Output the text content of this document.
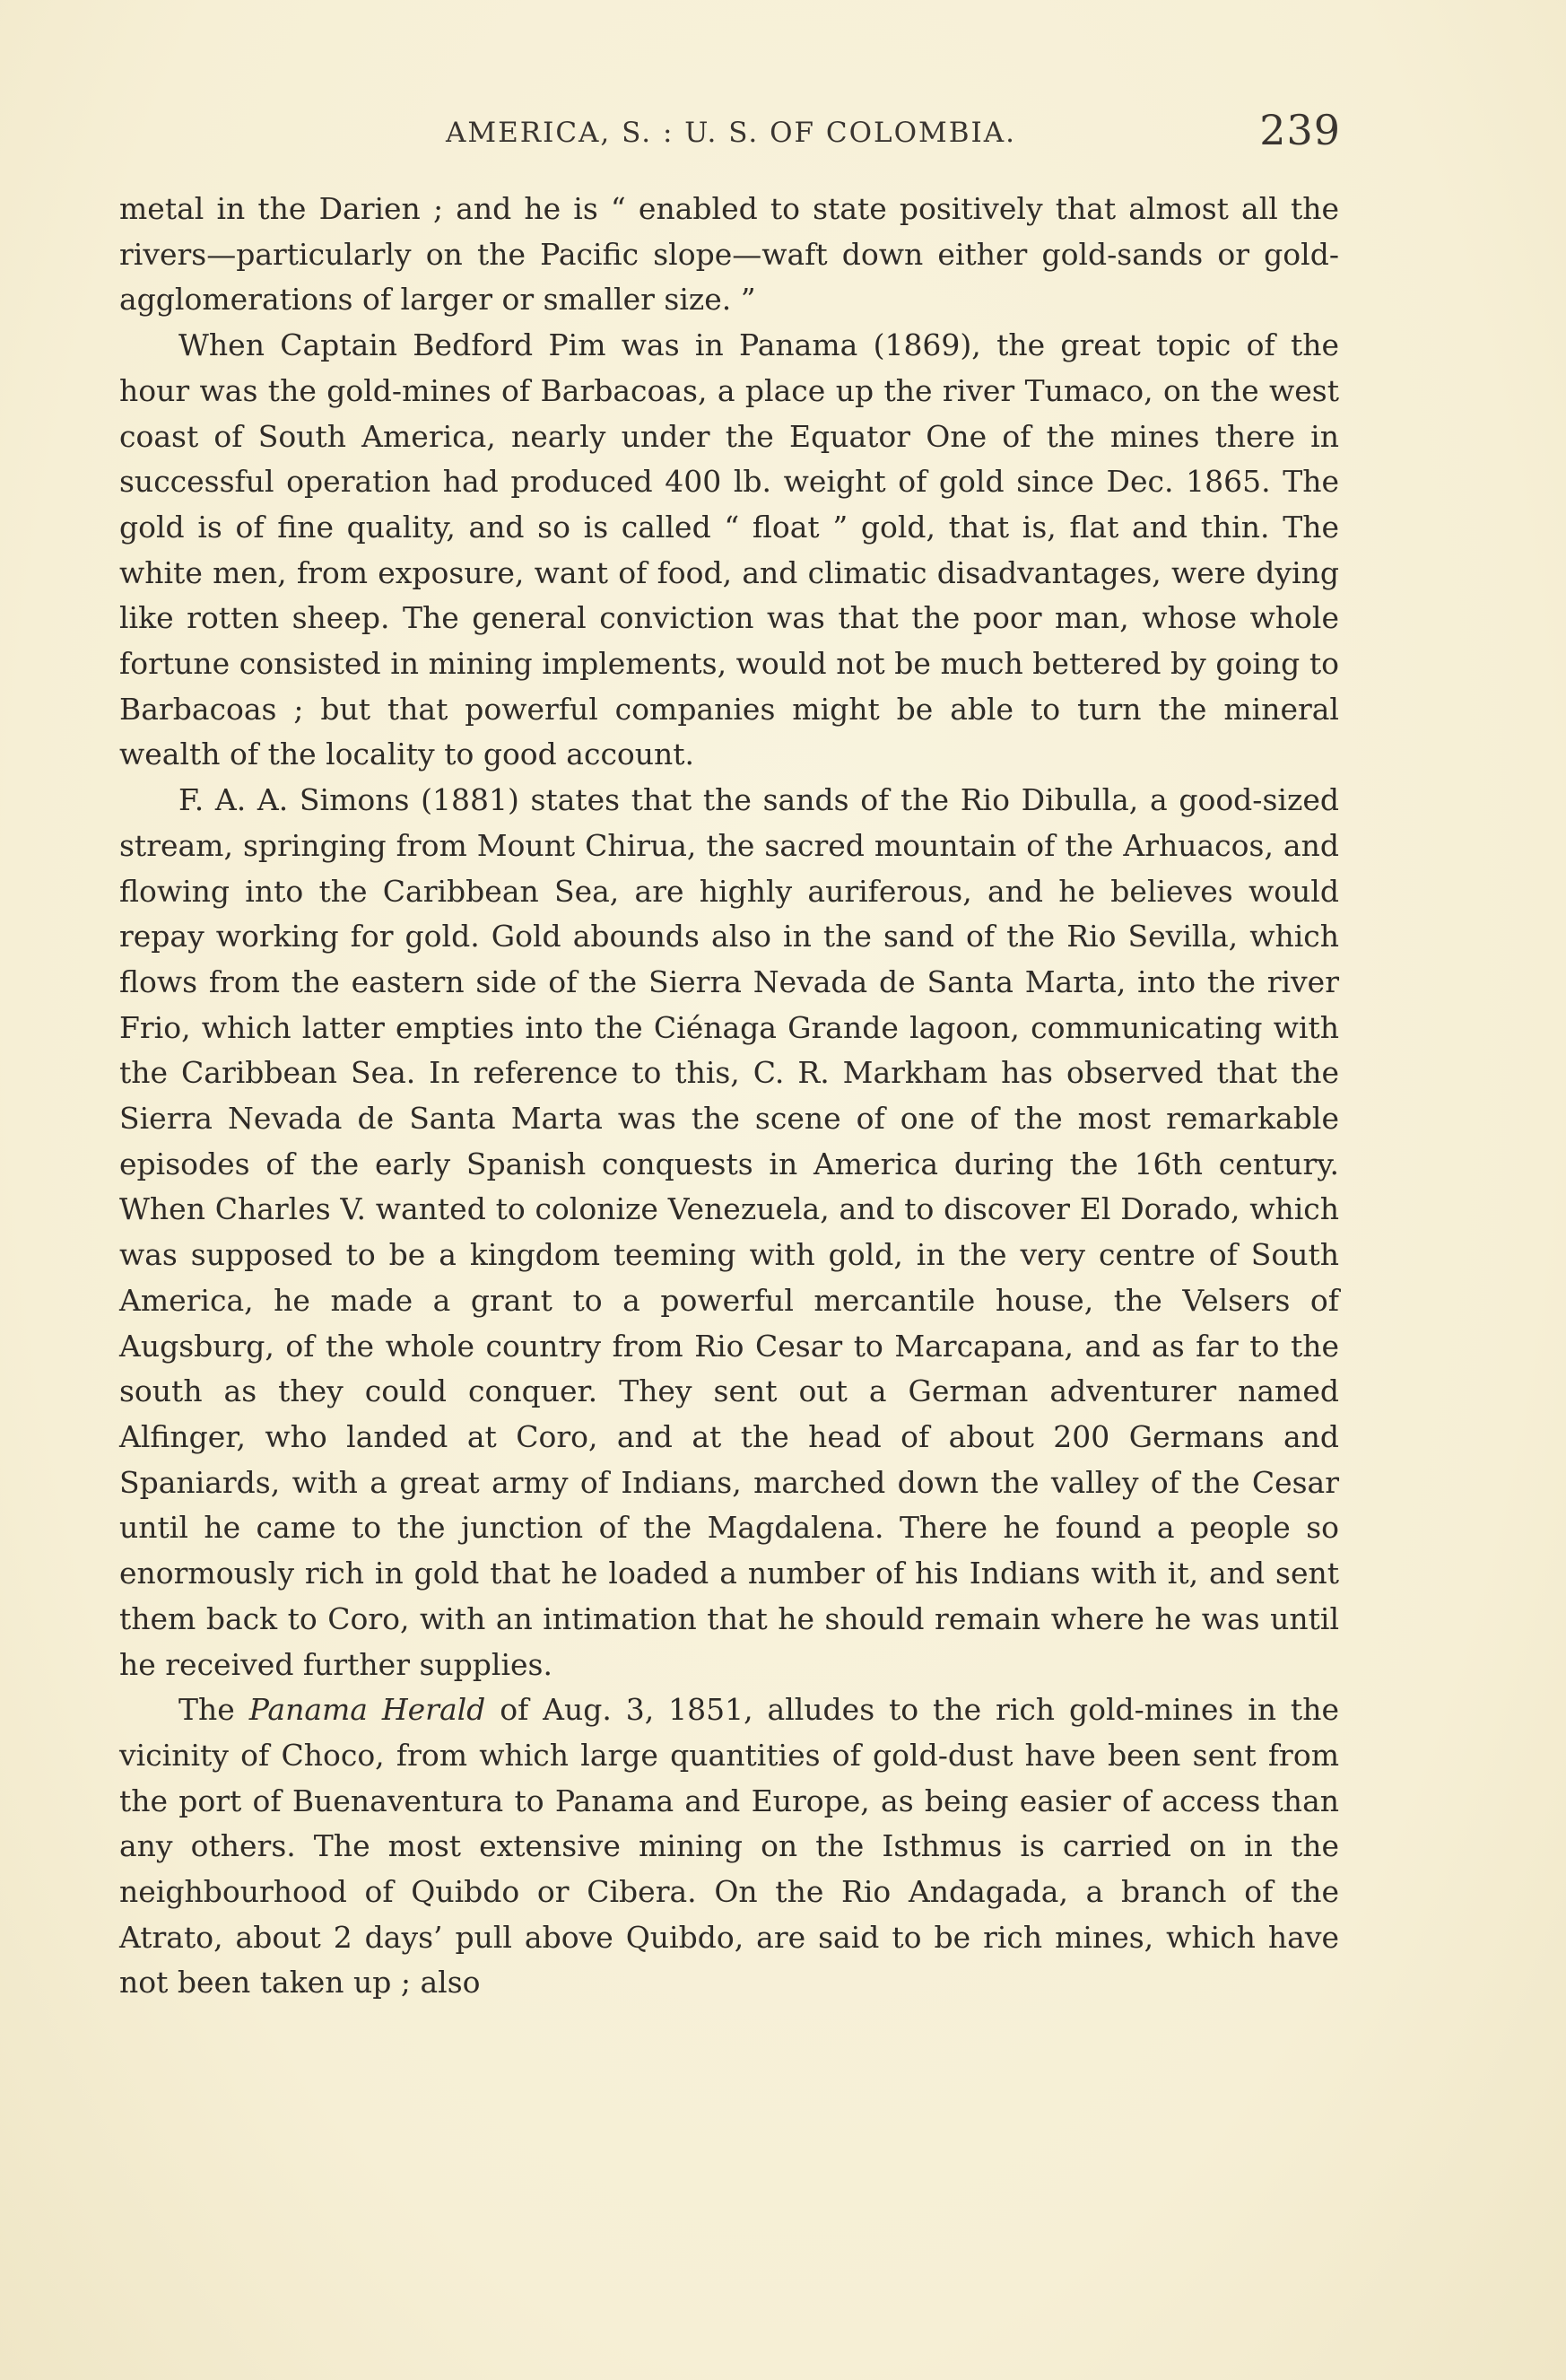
AMERICA, S. : U. S. OF COLOMBIA.	239

metal in the Darien ; and he is “ enabled to state positively that almost all the rivers—particularly on the Pacific slope—waft down either gold-sands or gold-agglomerations of larger or smaller size. ”

When Captain Bedford Pim was in Panama (1869), the great topic of the hour was the gold-mines of Barbacoas, a place up the river Tumaco, on the west coast of South America, nearly under the Equator One of the mines there in successful operation had produced 400 lb. weight of gold since Dec. 1865. The gold is of fine quality, and so is called “ float ” gold, that is, flat and thin. The white men, from exposure, want of food, and climatic disadvantages, were dying like rotten sheep. The general conviction was that the poor man, whose whole fortune consisted in mining implements, would not be much bettered by going to Barbacoas ; but that powerful companies might be able to turn the mineral wealth of the locality to good account.

F. A. A. Simons (1881) states that the sands of the Rio Dibulla, a good-sized stream, springing from Mount Chirua, the sacred mountain of the Arhuacos, and flowing into the Caribbean Sea, are highly auriferous, and he believes would repay working for gold. Gold abounds also in the sand of the Rio Sevilla, which flows from the eastern side of the Sierra Nevada de Santa Marta, into the river Frio, which latter empties into the Ciénaga Grande lagoon, communicating with the Caribbean Sea. In reference to this, C. R. Markham has observed that the Sierra Nevada de Santa Marta was the scene of one of the most remarkable episodes of the early Spanish conquests in America during the 16th century. When Charles V. wanted to colonize Venezuela, and to discover El Dorado, which was supposed to be a kingdom teeming with gold, in the very centre of South America, he made a grant to a powerful mercantile house, the Velsers of Augsburg, of the whole country from Rio Cesar to Marcapana, and as far to the south as they could conquer. They sent out a German adventurer named Alfinger, who landed at Coro, and at the head of about 200 Germans and Spaniards, with a great army of Indians, marched down the valley of the Cesar until he came to the junction of the Magdalena. There he found a people so enormously rich in gold that he loaded a number of his Indians with it, and sent them back to Coro, with an intimation that he should remain where he was until he received further supplies.

The Panama Herald of Aug. 3, 1851, alludes to the rich gold-mines in the vicinity of Choco, from which large quantities of gold-dust have been sent from the port of Buenaventura to Panama and Europe, as being easier of access than any others. The most extensive mining on the Isthmus is carried on in the neighbourhood of Quibdo or Cibera. On the Rio Andagada, a branch of the Atrato, about 2 days’ pull above Quibdo, are said to be rich mines, which have not been taken up ; also
